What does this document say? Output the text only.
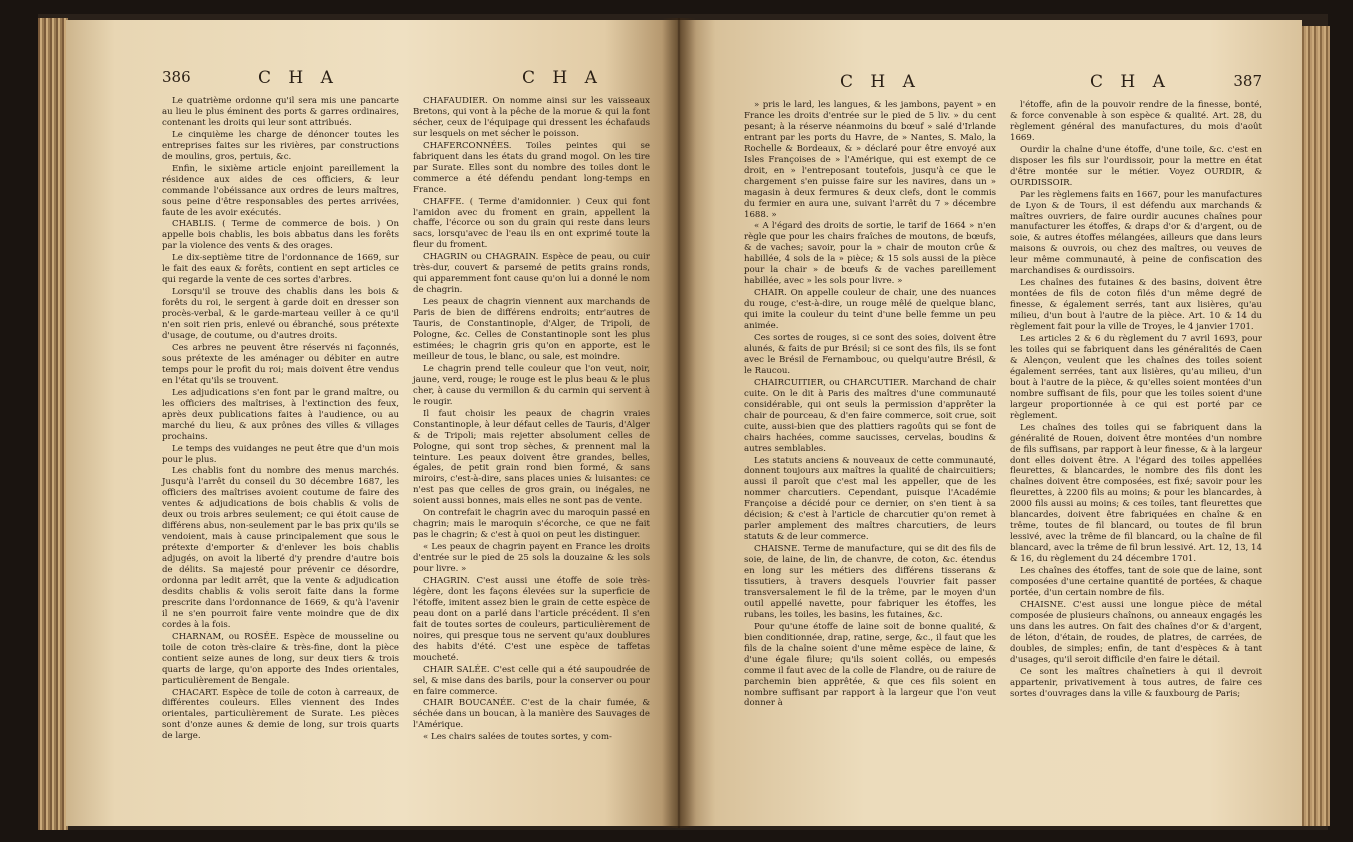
386	C H A	C H A

Le quatrième ordonne qu'il sera mis une pancarte au lieu le plus éminent des ports & garres ordinaires, contenant les droits qui leur sont attribués.

Le cinquième les charge de dénoncer toutes les entreprises faites sur les rivières, par constructions de moulins, gros, pertuis, &c.

Enfin, le sixième article enjoint pareillement la résidence aux aides de ces officiers, & leur commande l'obéissance aux ordres de leurs maîtres, sous peine d'être responsables des pertes arrivées, faute de les avoir exécutés.

CHABLIS. ( Terme de commerce de bois. ) On appelle bois chablis, les bois abbatus dans les forêts par la violence des vents & des orages.

Le dix-septième titre de l'ordonnance de 1669, sur le fait des eaux & forêts, contient en sept articles ce qui regarde la vente de ces sortes d'arbres.

Lorsqu'il se trouve des chablis dans les bois & forêts du roi, le sergent à garde doit en dresser son procès-verbal, & le garde-marteau veiller à ce qu'il n'en soit rien pris, enlevé ou ébranché, sous prétexte d'usage, de coutume, ou d'autres droits.

Ces arbres ne peuvent être réservés ni façonnés, sous prétexte de les aménager ou débiter en autre temps pour le profit du roi; mais doivent être vendus en l'état qu'ils se trouvent.

Les adjudications s'en font par le grand maître, ou les officiers des maîtrises, à l'extinction des feux, après deux publications faites à l'audience, ou au marché du lieu, & aux prônes des villes & villages prochains.

Le temps des vuidanges ne peut être que d'un mois pour le plus.

Les chablis font du nombre des menus marchés. Jusqu'à l'arrêt du conseil du 30 décembre 1687, les officiers des maîtrises avoient coutume de faire des ventes & adjudications de bois chablis & volis de deux ou trois arbres seulement; ce qui étoit cause de différens abus, non-seulement par le bas prix qu'ils se vendoient, mais à cause principalement que sous le prétexte d'emporter & d'enlever les bois chablis adjugés, on avoit la liberté d'y prendre d'autre bois de délits. Sa majesté pour prévenir ce désordre, ordonna par ledit arrêt, que la vente & adjudication desdits chablis & volis seroit faite dans la forme prescrite dans l'ordonnance de 1669, & qu'à l'avenir il ne s'en pourroit faire vente moindre que de dix cordes à la fois.

CHARNAM, ou ROSÉE. Espèce de mousseline ou toile de coton très-claire & très-fine, dont la pièce contient seize aunes de long, sur deux tiers & trois quarts de large, qu'on apporte des Indes orientales, particulièrement de Bengale.

CHACART. Espèce de toile de coton à carreaux, de différentes couleurs. Elles viennent des Indes orientales, particulièrement de Surate. Les pièces sont d'onze aunes & demie de long, sur trois quarts de large.

CHAFAUDIER. On nomme ainsi sur les vaisseaux Bretons, qui vont à la pêche de la morue & qui la font sécher, ceux de l'équipage qui dressent les échafauds sur lesquels on met sécher le poisson.

CHAFERCONNÉES. Toiles peintes qui se fabriquent dans les états du grand mogol. On les tire par Surate. Elles sont du nombre des toiles dont le commerce a été défendu pendant long-temps en France.

CHAFFE. ( Terme d'amidonnier. ) Ceux qui font l'amidon avec du froment en grain, appellent la chaffe, l'écorce ou son du grain qui reste dans leurs sacs, lorsqu'avec de l'eau ils en ont exprimé toute la fleur du froment.

CHAGRIN ou CHAGRAIN. Espèce de peau, ou cuir très-dur, couvert & parsemé de petits grains ronds, qui apparemment font cause qu'on lui a donné le nom de chagrin.

Les peaux de chagrin viennent aux marchands de Paris de bien de différens endroits; entr'autres de Tauris, de Constantinople, d'Alger, de Tripoli, de Pologne, &c. Celles de Constantinople sont les plus estimées; le chagrin gris qu'on en apporte, est le meilleur de tous, le blanc, ou sale, est moindre.

Le chagrin prend telle couleur que l'on veut, noir, jaune, verd, rouge; le rouge est le plus beau & le plus cher, à cause du vermillon & du carmin qui servent à le rougir.

Il faut choisir les peaux de chagrin vraies Constantinople, à leur défaut celles de Tauris, d'Alger & de Tripoli; mais rejetter absolument celles de Pologne, qui sont trop sèches, & prennent mal la teinture. Les peaux doivent être grandes, belles, égales, de petit grain rond bien formé, & sans miroirs, c'est-à-dire, sans places unies & luisantes: ce n'est pas que celles de gros grain, ou inégales, ne soient aussi bonnes, mais elles ne sont pas de vente.

On contrefait le chagrin avec du maroquin passé en chagrin; mais le maroquin s'écorche, ce que ne fait pas le chagrin; & c'est à quoi on peut les distinguer.

« Les peaux de chagrin payent en France les droits d'entrée sur le pied de 25 sols la douzaine & les sols pour livre. »

CHAGRIN. C'est aussi une étoffe de soie très-légère, dont les façons élevées sur la superficie de l'étoffe, imitent assez bien le grain de cette espèce de peau dont on a parlé dans l'article précédent. Il s'en fait de toutes sortes de couleurs, particulièrement de noires, qui presque tous ne servent qu'aux doublures des habits d'été. C'est une espèce de taffetas moucheté.

CHAIR SALÉE. C'est celle qui a été saupoudrée de sel, & mise dans des barils, pour la conserver ou pour en faire commerce.

CHAIR BOUCANÉE. C'est de la chair fumée, & séchée dans un boucan, à la manière des Sauvages de l'Amérique.

« Les chairs salées de toutes sortes, y com-

C H A	C H A	387

» pris le lard, les langues, & les jambons, payent » en France les droits d'entrée sur le pied de 5 liv. » du cent pesant; à la réserve néanmoins du bœuf » salé d'Irlande entrant par les ports du Havre, de » Nantes, S. Malo, la Rochelle & Bordeaux, & » déclaré pour être envoyé aux Isles Françoises de » l'Amérique, qui est exempt de ce droit, en » l'entreposant toutefois, jusqu'à ce que le chargement s'en puisse faire sur les navires, dans un » magasin à deux fermures & deux clefs, dont le commis du fermier en aura une, suivant l'arrêt du 7 » décembre 1688. »

« A l'égard des droits de sortie, le tarif de 1664 » n'en règle que pour les chairs fraîches de moutons, de bœufs, & de vaches; savoir, pour la » chair de mouton crûe & habillée, 4 sols de la » pièce; & 15 sols aussi de la pièce pour la chair » de bœufs & de vaches pareillement habillée, avec » les sols pour livre. »

CHAIR. On appelle couleur de chair, une des nuances du rouge, c'est-à-dire, un rouge mêlé de quelque blanc, qui imite la couleur du teint d'une belle femme un peu animée.

Ces sortes de rouges, si ce sont des soies, doivent être alunés, & faits de pur Brésil; si ce sont des fils, ils se font avec le Brésil de Fernambouc, ou quelqu'autre Brésil, & le Raucou.

CHAIRCUITIER, ou CHARCUTIER. Marchand de chair cuite. On le dit à Paris des maîtres d'une communauté considérable, qui ont seuls la permission d'apprêter la chair de pourceau, & d'en faire commerce, soit crue, soit cuite, aussi-bien que des plattiers ragoûts qui se font de chairs hachées, comme saucisses, cervelas, boudins & autres semblables.

Les statuts anciens & nouveaux de cette communauté, donnent toujours aux maîtres la qualité de chaircuitiers; aussi il paroît que c'est mal les appeller, que de les nommer charcutiers. Cependant, puisque l'Académie Françoise a décidé pour ce dernier, on s'en tient à sa décision; & c'est à l'article de charcutier qu'on remet à parler amplement des maîtres charcutiers, de leurs statuts & de leur commerce.

CHAISNE. Terme de manufacture, qui se dit des fils de soie, de laine, de lin, de chanvre, de coton, &c. étendus en long sur les métiers des différens tisserans & tissutiers, à travers desquels l'ouvrier fait passer transversalement le fil de la trême, par le moyen d'un outil appellé navette, pour fabriquer les étoffes, les rubans, les toiles, les basins, les futaines, &c.

Pour qu'une étoffe de laine soit de bonne qualité, & bien conditionnée, drap, ratine, serge, &c., il faut que les fils de la chaîne soient d'une même espèce de laine, & d'une égale filure; qu'ils soient collés, ou empesés comme il faut avec de la colle de Flandre, ou de raiure de parchemin bien apprêtée, & que ces fils soient en nombre suffisant par rapport à la largeur que l'on veut donner à

l'étoffe, afin de la pouvoir rendre de la finesse, bonté, & force convenable à son espèce & qualité. Art. 28, du règlement général des manufactures, du mois d'août 1669.

Ourdir la chaîne d'une étoffe, d'une toile, &c. c'est en disposer les fils sur l'ourdissoir, pour la mettre en état d'être montée sur le métier. Voyez OURDIR, & OURDISSOIR.

Par les règlemens faits en 1667, pour les manufactures de Lyon & de Tours, il est défendu aux marchands & maîtres ouvriers, de faire ourdir aucunes chaînes pour manufacturer les étoffes, & draps d'or & d'argent, ou de soie, & autres étoffes mélangées, ailleurs que dans leurs maisons & ouvrois, ou chez des maîtres, ou veuves de leur même communauté, à peine de confiscation des marchandises & ourdissoirs.

Les chaînes des futaines & des basins, doivent être montées de fils de coton filés d'un même degré de finesse, & également serrés, tant aux lisières, qu'au milieu, d'un bout à l'autre de la pièce. Art. 10 & 14 du règlement fait pour la ville de Troyes, le 4 janvier 1701.

Les articles 2 & 6 du règlement du 7 avril 1693, pour les toiles qui se fabriquent dans les généralités de Caen & Alençon, veulent que les chaînes des toiles soient également serrées, tant aux lisières, qu'au milieu, d'un bout à l'autre de la pièce, & qu'elles soient montées d'un nombre suffisant de fils, pour que les toiles soient d'une largeur proportionnée à ce qui est porté par ce règlement.

Les chaînes des toiles qui se fabriquent dans la généralité de Rouen, doivent être montées d'un nombre de fils suffisans, par rapport à leur finesse, & à la largeur dont elles doivent être. A l'égard des toiles appellées fleurettes, & blancardes, le nombre des fils dont les chaînes doivent être composées, est fixé; savoir pour les fleurettes, à 2200 fils au moins; & pour les blancardes, à 2000 fils aussi au moins; & ces toiles, tant fleurettes que blancardes, doivent être fabriquées en chaîne & en trême, toutes de fil blancard, ou toutes de fil brun lessivé, avec la trême de fil blancard, ou la chaîne de fil blancard, avec la trême de fil brun lessivé. Art. 12, 13, 14 & 16, du règlement du 24 décembre 1701.

Les chaînes des étoffes, tant de soie que de laine, sont composées d'une certaine quantité de portées, & chaque portée, d'un certain nombre de fils.

CHAISNE. C'est aussi une longue pièce de métal composée de plusieurs chaînons, ou anneaux engagés les uns dans les autres. On fait des chaînes d'or & d'argent, de léton, d'étain, de roudes, de platres, de carrées, de doubles, de simples; enfin, de tant d'espèces & à tant d'usages, qu'il seroit difficile d'en faire le détail.

Ce sont les maîtres chaînetiers à qui il devroit appartenir, privativement à tous autres, de faire ces sortes d'ouvrages dans la ville & fauxbourg de Paris;
